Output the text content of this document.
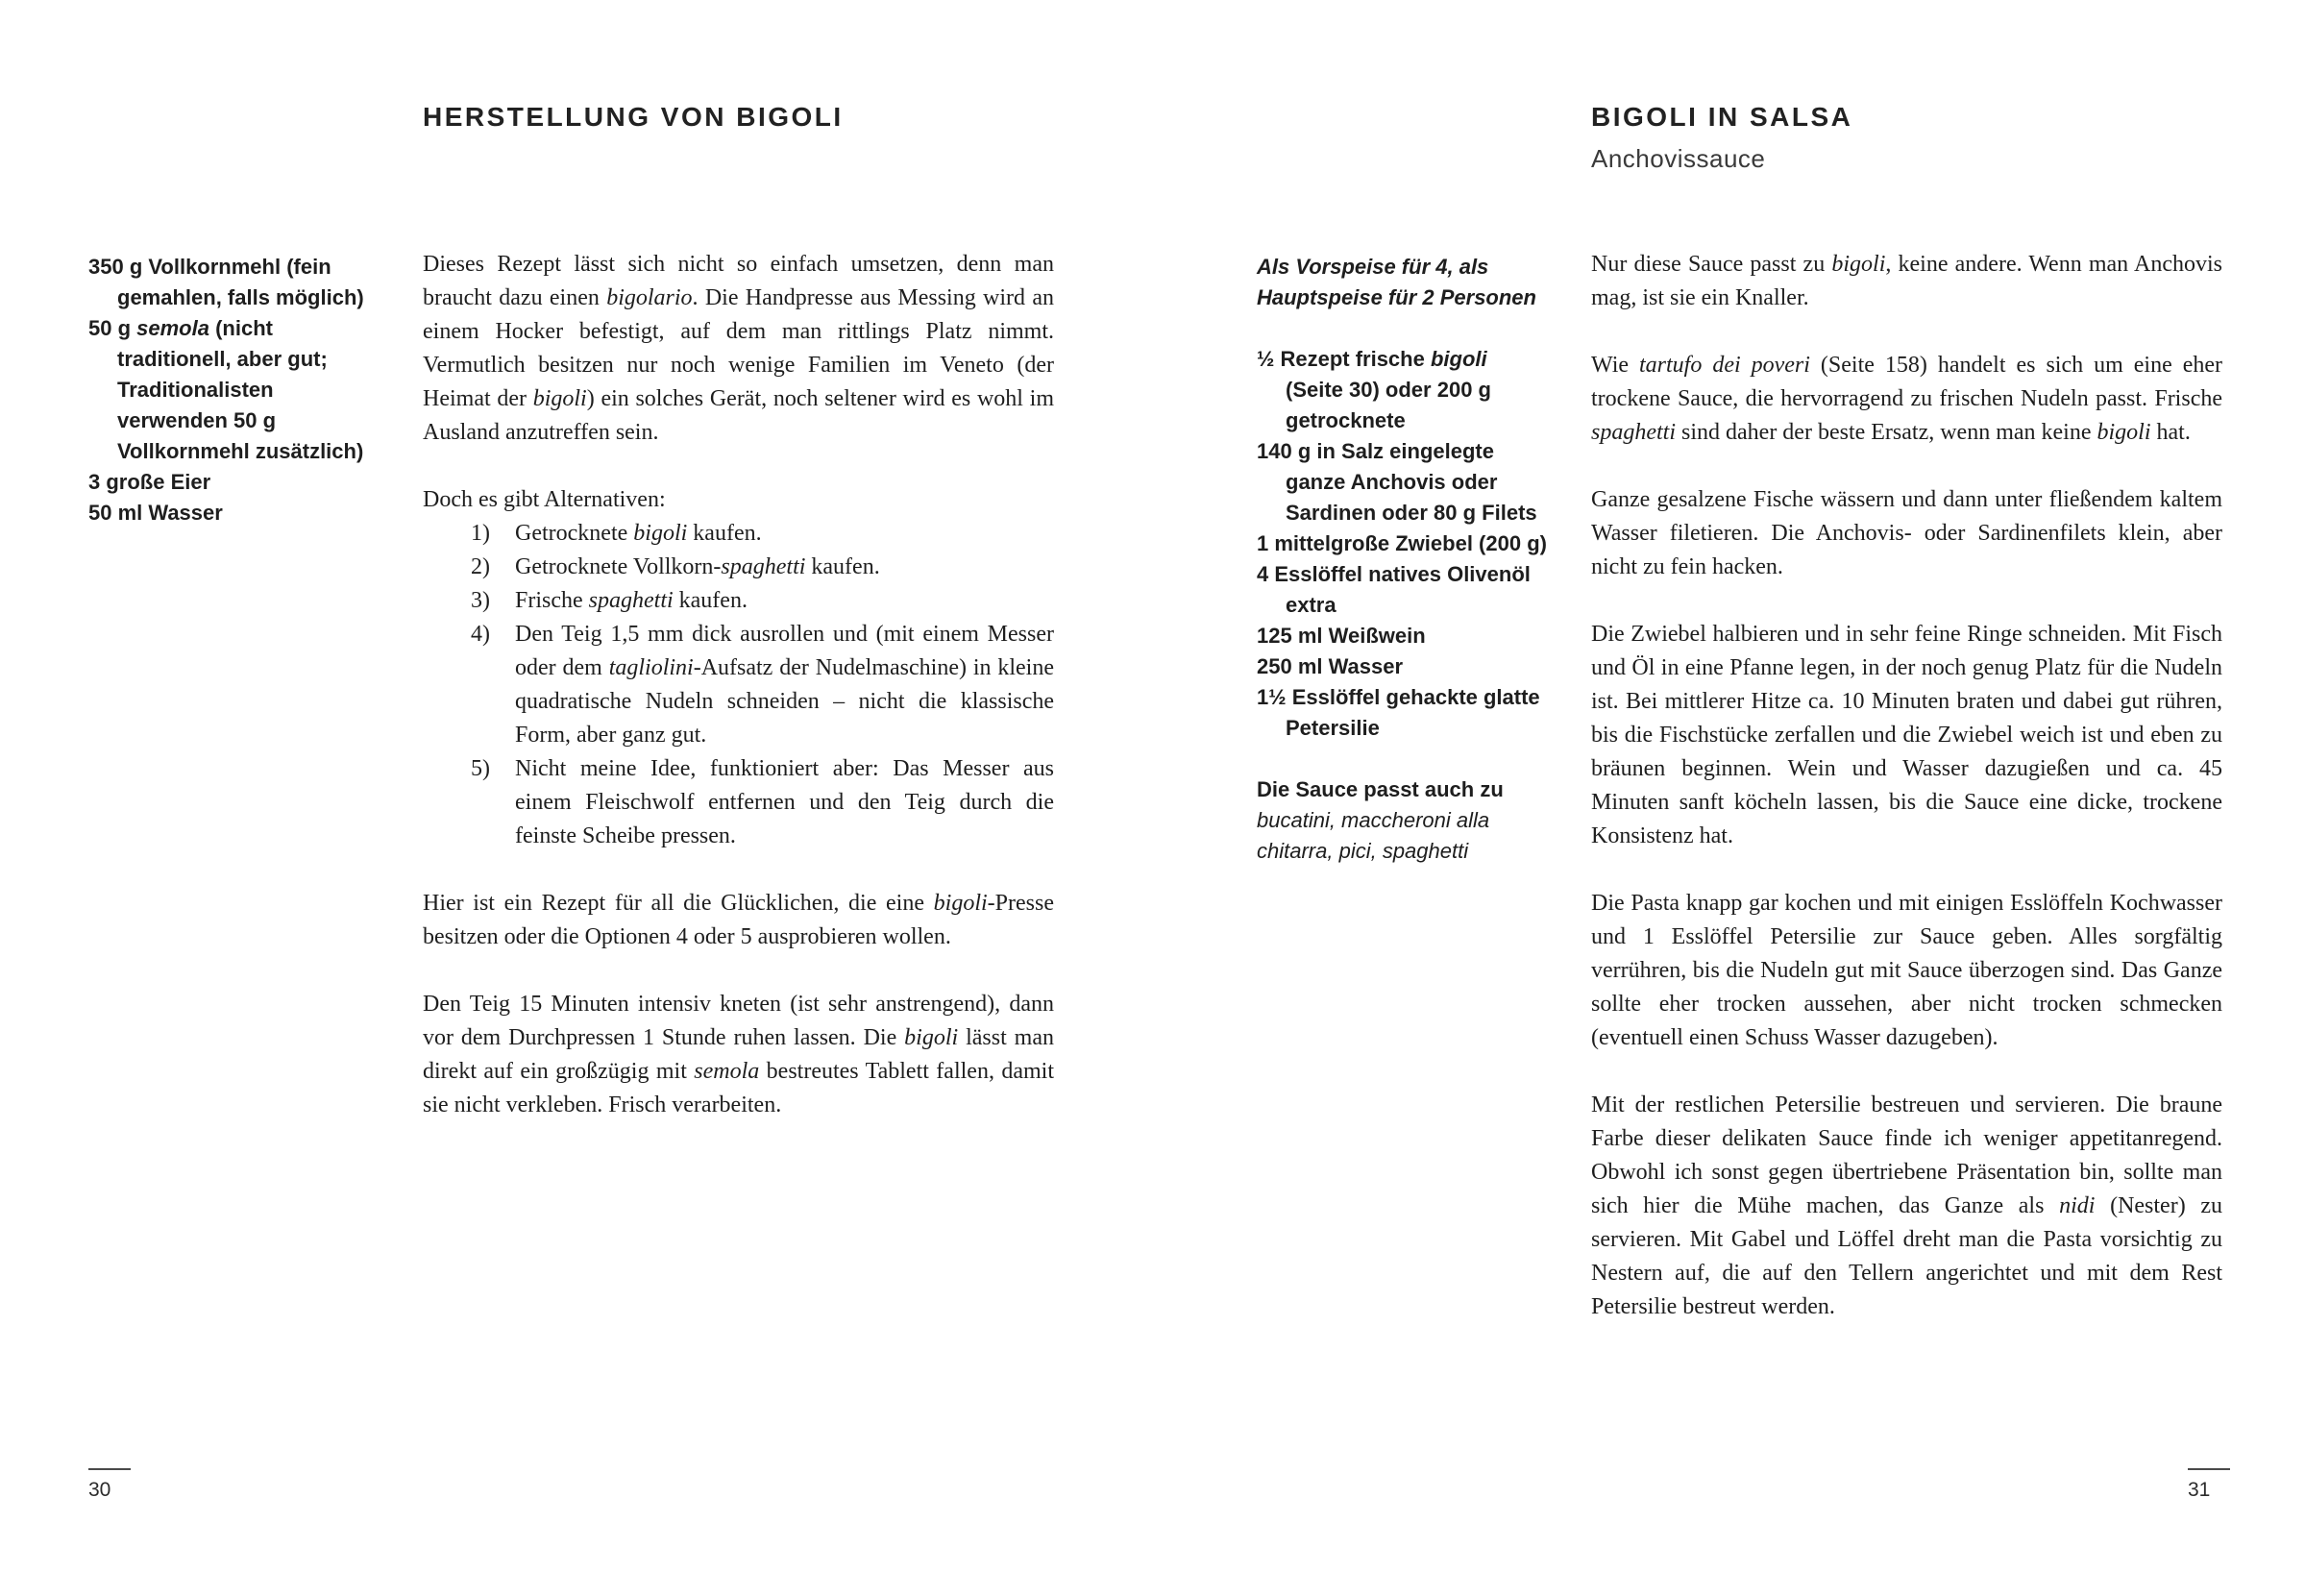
HERSTELLUNG VON BIGOLI

350 g Vollkornmehl (fein gemahlen, falls möglich)

50 g semola (nicht traditionell, aber gut; Traditionalisten verwenden 50 g Vollkornmehl zusätzlich)

3 große Eier

50 ml Wasser

Dieses Rezept lässt sich nicht so einfach umsetzen, denn man braucht dazu einen bigolario. Die Handpresse aus Messing wird an einem Hocker befestigt, auf dem man rittlings Platz nimmt. Vermutlich besitzen nur noch wenige Familien im Veneto (der Heimat der bigoli) ein solches Gerät, noch seltener wird es wohl im Ausland anzutreffen sein.

Doch es gibt Alternativen:

1)	Getrocknete bigoli kaufen.
2)	Getrocknete Vollkorn-spaghetti kaufen.
3)	Frische spaghetti kaufen.
4)	Den Teig 1,5 mm dick ausrollen und (mit einem Messer oder dem tagliolini-Aufsatz der Nudelmaschine) in kleine quadratische Nudeln schneiden – nicht die klassische Form, aber ganz gut.
5)	Nicht meine Idee, funktioniert aber: Das Messer aus einem Fleischwolf entfernen und den Teig durch die feinste Scheibe pressen.

Hier ist ein Rezept für all die Glücklichen, die eine bigoli-Presse besitzen oder die Optionen 4 oder 5 ausprobieren wollen.

Den Teig 15 Minuten intensiv kneten (ist sehr anstrengend), dann vor dem Durchpressen 1 Stunde ruhen lassen. Die bigoli lässt man direkt auf ein großzügig mit semola bestreutes Tablett fallen, damit sie nicht verkleben. Frisch verarbeiten.

30
BIGOLI IN SALSA
Anchovissauce

Als Vorspeise für 4, als Hauptspeise für 2 Personen

½ Rezept frische bigoli (Seite 30) oder 200 g getrocknete

140 g in Salz eingelegte ganze Anchovis oder Sardinen oder 80 g Filets

1 mittelgroße Zwiebel (200 g)

4 Esslöffel natives Olivenöl extra

125 ml Weißwein

250 ml Wasser

1½ Esslöffel gehackte glatte Petersilie

Die Sauce passt auch zu

bucatini, maccheroni alla chitarra, pici, spaghetti

Nur diese Sauce passt zu bigoli, keine andere. Wenn man Anchovis mag, ist sie ein Knaller.

Wie tartufo dei poveri (Seite 158) handelt es sich um eine eher trockene Sauce, die hervorragend zu frischen Nudeln passt. Frische spaghetti sind daher der beste Ersatz, wenn man keine bigoli hat.

Ganze gesalzene Fische wässern und dann unter fließendem kaltem Wasser filetieren. Die Anchovis- oder Sardinenfilets klein, aber nicht zu fein hacken.

Die Zwiebel halbieren und in sehr feine Ringe schneiden. Mit Fisch und Öl in eine Pfanne legen, in der noch genug Platz für die Nudeln ist. Bei mittlerer Hitze ca. 10 Minuten braten und dabei gut rühren, bis die Fischstücke zerfallen und die Zwiebel weich ist und eben zu bräunen beginnen. Wein und Wasser dazugießen und ca. 45 Minuten sanft köcheln lassen, bis die Sauce eine dicke, trockene Konsistenz hat.

Die Pasta knapp gar kochen und mit einigen Esslöffeln Kochwasser und 1 Esslöffel Petersilie zur Sauce geben. Alles sorgfältig verrühren, bis die Nudeln gut mit Sauce überzogen sind. Das Ganze sollte eher trocken aussehen, aber nicht trocken schmecken (eventuell einen Schuss Wasser dazugeben).

Mit der restlichen Petersilie bestreuen und servieren. Die braune Farbe dieser delikaten Sauce finde ich weniger appetitanregend. Obwohl ich sonst gegen übertriebene Präsentation bin, sollte man sich hier die Mühe machen, das Ganze als nidi (Nester) zu servieren. Mit Gabel und Löffel dreht man die Pasta vorsichtig zu Nestern auf, die auf den Tellern angerichtet und mit dem Rest Petersilie bestreut werden.

31
